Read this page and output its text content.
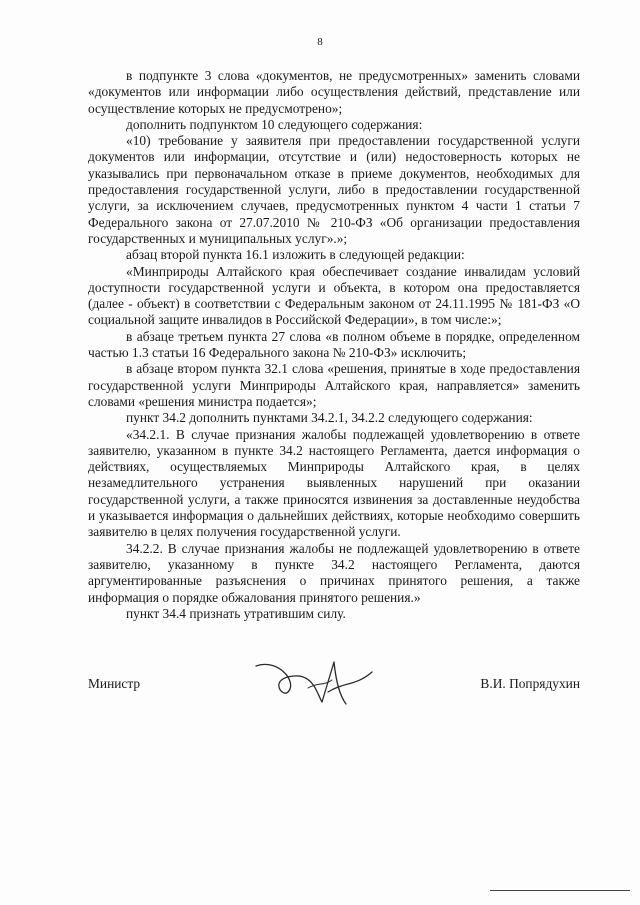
8

в подпункте 3 слова «документов, не предусмотренных» заменить словами «документов или информации либо осуществления действий, представление или осуществление которых не предусмотрено»;

дополнить подпунктом 10 следующего содержания:

«10) требование у заявителя при предоставлении государственной услуги документов или информации, отсутствие и (или) недостоверность которых не указывались при первоначальном отказе в приеме документов, необходимых для предоставления государственной услуги, либо в предоставлении государственной услуги, за исключением случаев, предусмотренных пунктом 4 части 1 статьи 7 Федерального закона от 27.07.2010 № 210-ФЗ «Об организации предоставления государственных и муниципальных услуг».»;

абзац второй пункта 16.1 изложить в следующей редакции:

«Минприроды Алтайского края обеспечивает создание инвалидам условий доступности государственной услуги и объекта, в котором она предоставляется (далее - объект) в соответствии с Федеральным законом от 24.11.1995 № 181-ФЗ «О социальной защите инвалидов в Российской Федерации», в том числе:»;

в абзаце третьем пункта 27 слова «в полном объеме в порядке, определенном частью 1.3 статьи 16 Федерального закона № 210-ФЗ» исключить;

в абзаце втором пункта 32.1 слова «решения, принятые в ходе предоставления государственной услуги Минприроды Алтайского края, направляется» заменить словами «решения министра подается»;

пункт 34.2 дополнить пунктами 34.2.1, 34.2.2 следующего содержания:

«34.2.1. В случае признания жалобы подлежащей удовлетворению в ответе заявителю, указанном в пункте 34.2 настоящего Регламента, дается информация о действиях, осуществляемых Минприроды Алтайского края, в целях незамедлительного устранения выявленных нарушений при оказании государственной услуги, а также приносятся извинения за доставленные неудобства и указывается информация о дальнейших действиях, которые необходимо совершить заявителю в целях получения государственной услуги.

34.2.2. В случае признания жалобы не подлежащей удовлетворению в ответе заявителю, указанному в пункте 34.2 настоящего Регламента, даются аргументированные разъяснения о причинах принятого решения, а также информация о порядке обжалования принятого решения.»

пункт 34.4 признать утратившим силу.

Министр	В.И. Попрядухин
